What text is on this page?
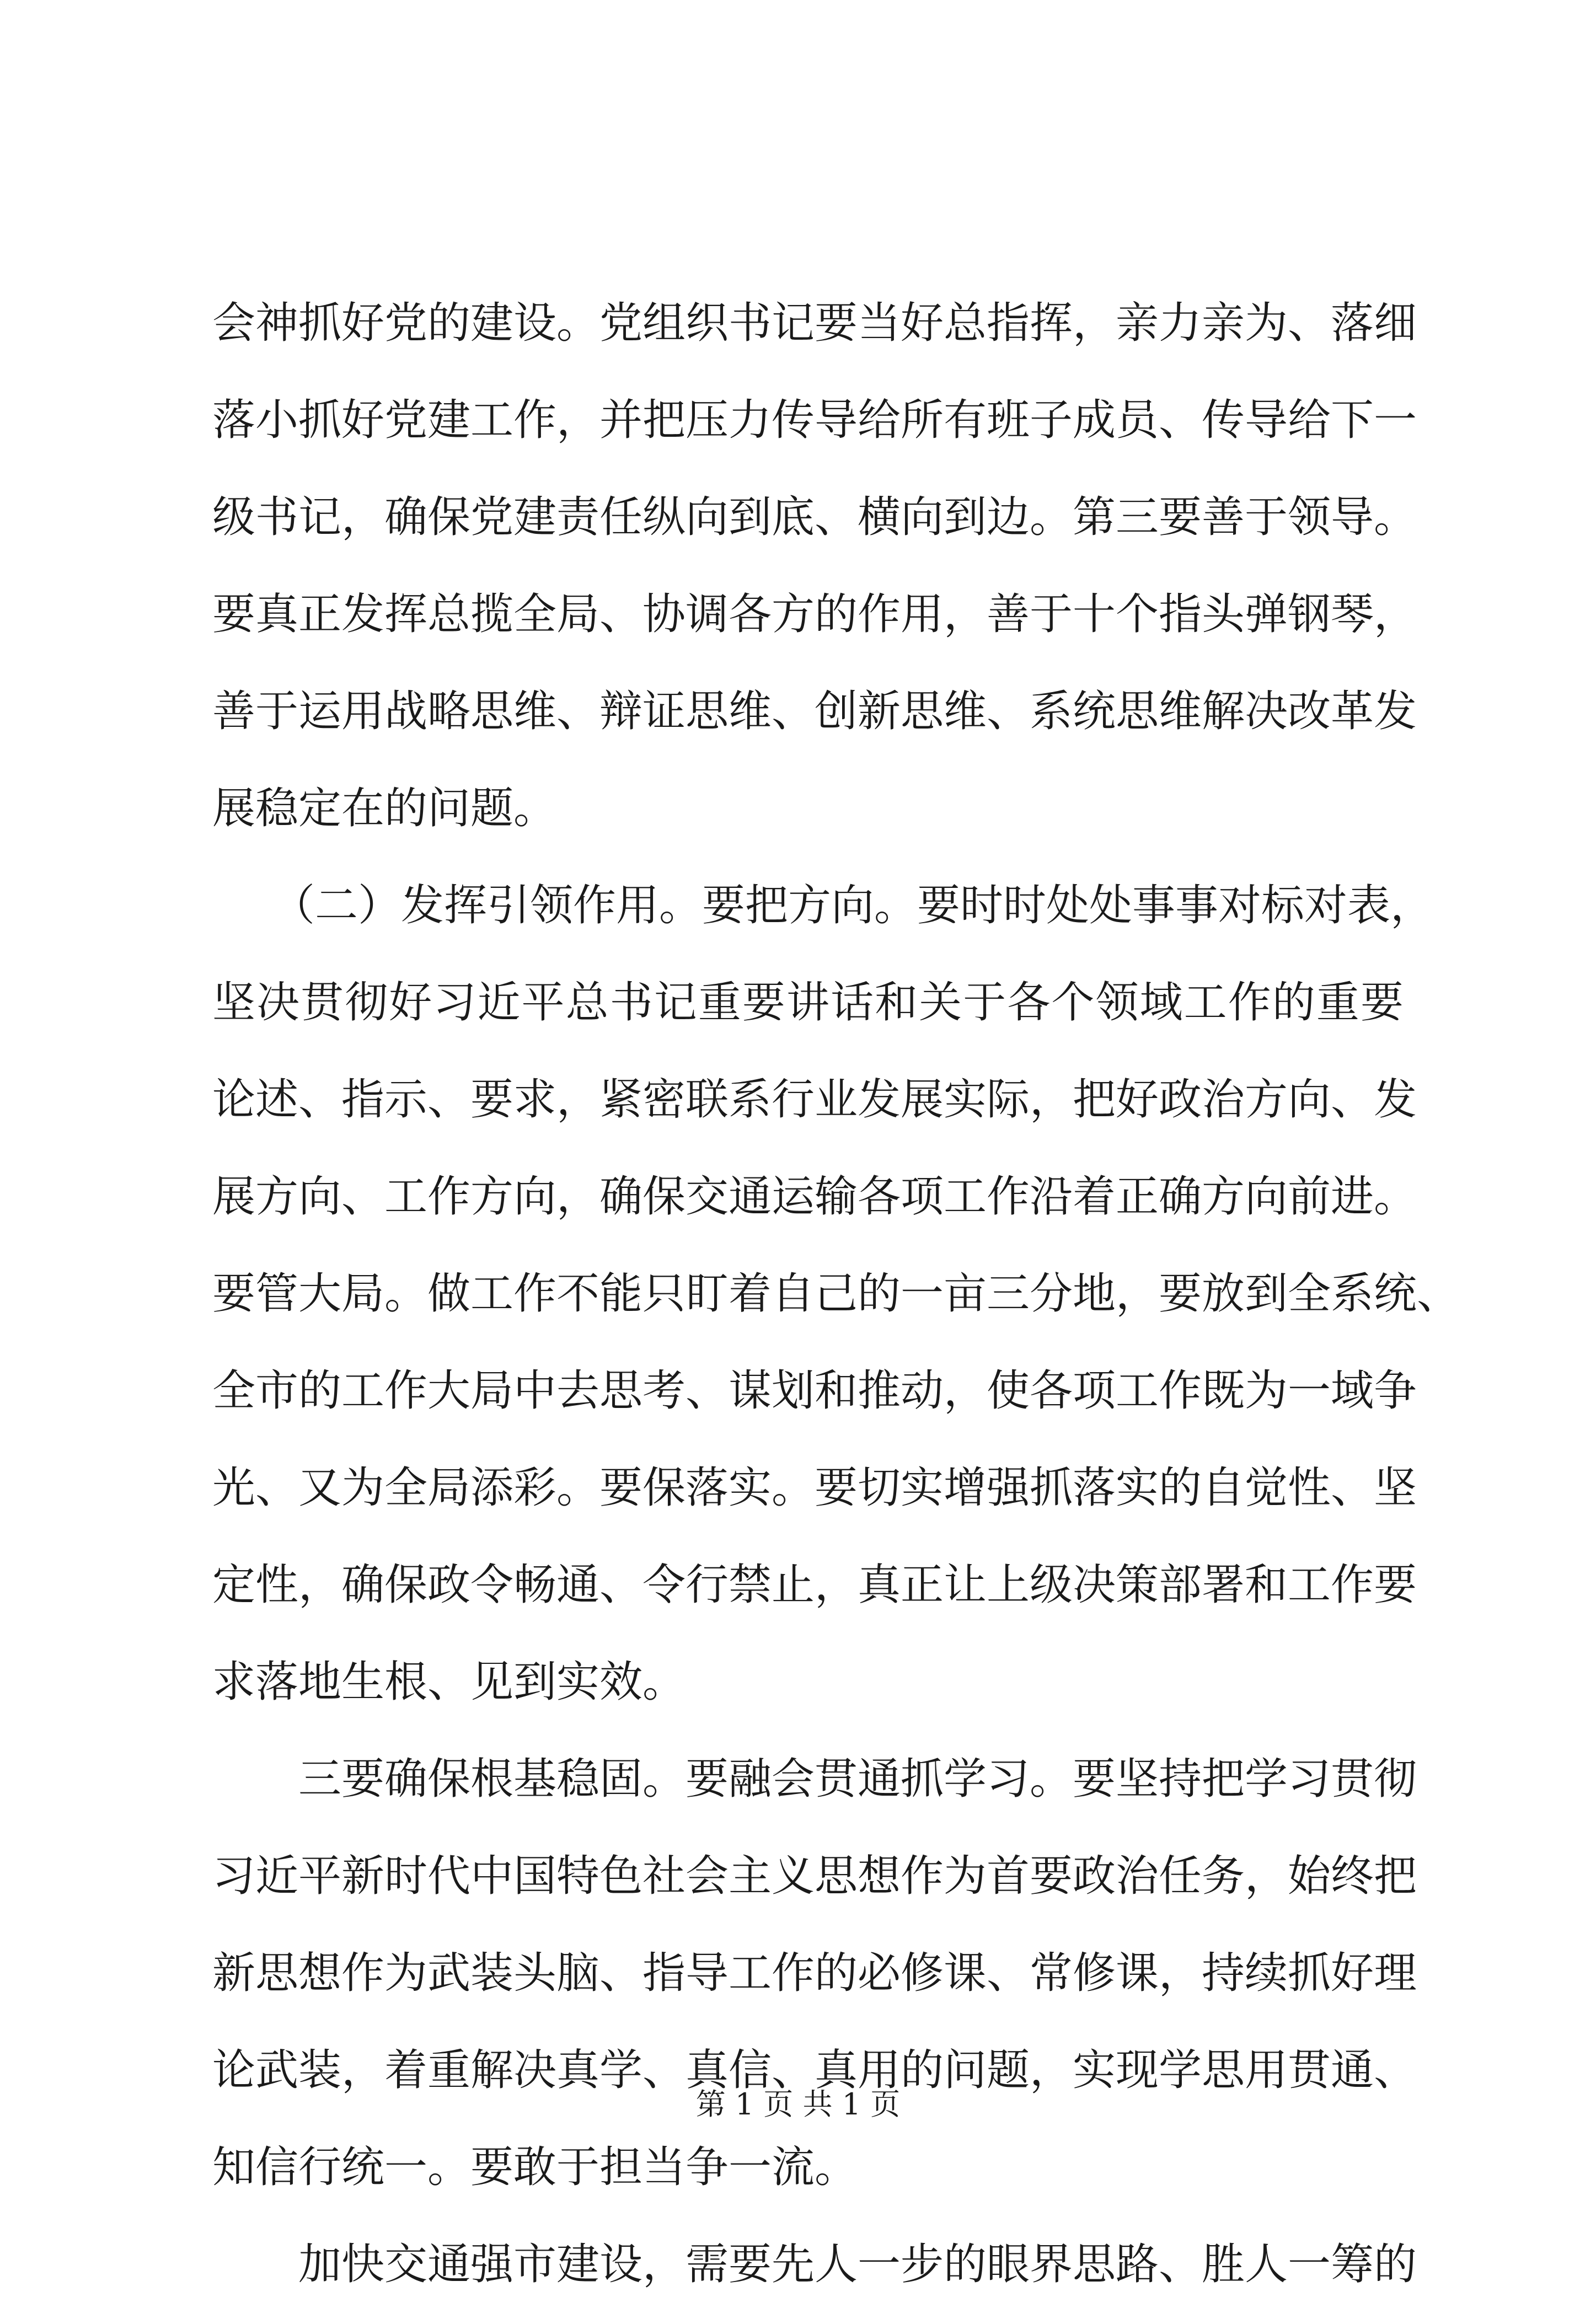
会神抓好党的建设。党组织书记要当好总指挥，亲力亲为、落细
落小抓好党建工作，并把压力传导给所有班子成员、传导给下一
级书记，确保党建责任纵向到底、横向到边。第三要善于领导。
要真正发挥总揽全局、协调各方的作用，善于十个指头弹钢琴，
善于运用战略思维、辩证思维、创新思维、系统思维解决改革发
展稳定在的问题。
（二）发挥引领作用。要把方向。要时时处处事事对标对表，
坚决贯彻好习近平总书记重要讲话和关于各个领域工作的重要
论述、指示、要求，紧密联系行业发展实际，把好政治方向、发
展方向、工作方向，确保交通运输各项工作沿着正确方向前进。
要管大局。做工作不能只盯着自己的一亩三分地，要放到全系统、
全市的工作大局中去思考、谋划和推动，使各项工作既为一域争
光、又为全局添彩。要保落实。要切实增强抓落实的自觉性、坚
定性，确保政令畅通、令行禁止，真正让上级决策部署和工作要
求落地生根、见到实效。
三要确保根基稳固。要融会贯通抓学习。要坚持把学习贯彻
习近平新时代中国特色社会主义思想作为首要政治任务，始终把
新思想作为武装头脑、指导工作的必修课、常修课，持续抓好理
论武装，着重解决真学、真信、真用的问题，实现学思用贯通、
知信行统一。要敢于担当争一流。
加快交通强市建设，需要先人一步的眼界思路、胜人一筹的
第 1 页 共 1 页
